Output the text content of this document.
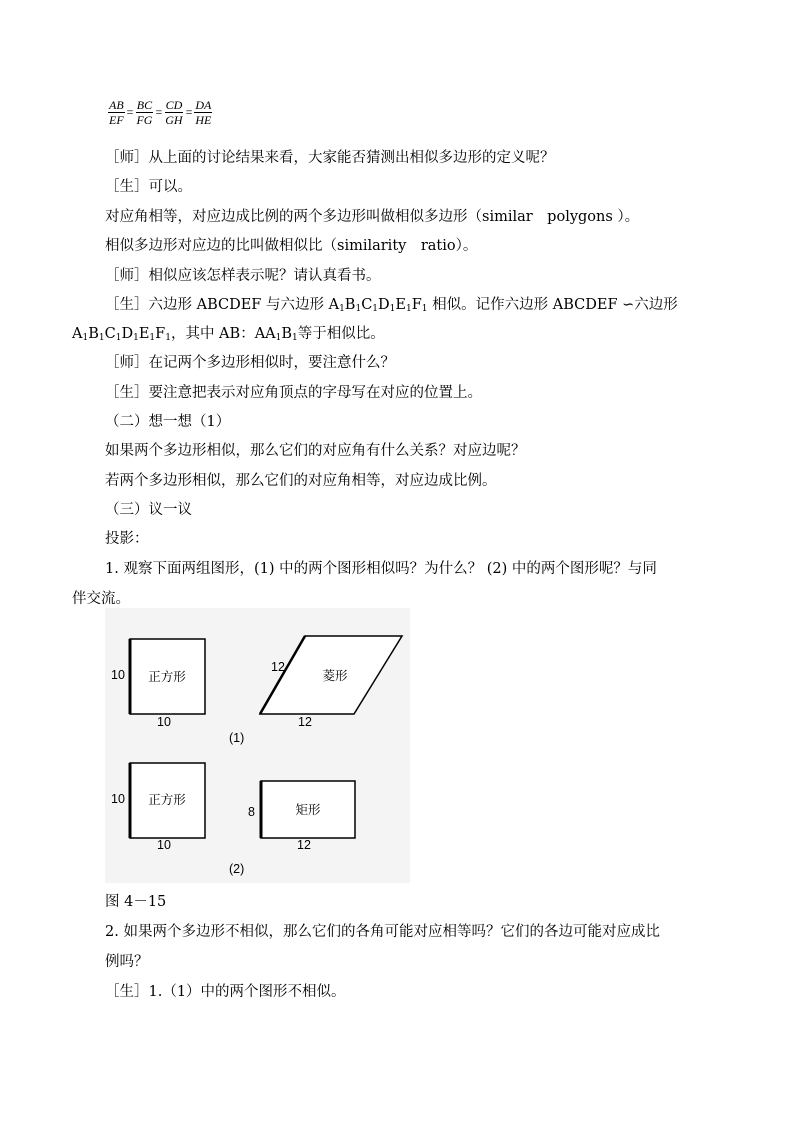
$\frac{AB}{EF} = \frac{BC}{FG} = \frac{CD}{GH} = \frac{DA}{HE}$
［师］从上面的讨论结果来看，大家能否猜测出相似多边形的定义呢？
［生］可以。
对应角相等，对应边成比例的两个多边形叫做相似多边形（similar　polygons ）。
相似多边形对应边的比叫做相似比（similarity　ratio）。
［师］相似应该怎样表示呢？请认真看书。
［生］六边形 ABCDEF 与六边形 $A_1B_1C_1D_1E_1F_1$ 相似。记作六边形 ABCDEF ∽六边形
$A_1B_1C_1D_1E_1F_1$，其中 AB：$AA_1B_1$等于相似比。
［师］在记两个多边形相似时，要注意什么？
［生］要注意把表示对应角顶点的字母写在对应的位置上。
（二）想一想（1）
如果两个多边形相似，那么它们的对应角有什么关系？对应边呢？
若两个多边形相似，那么它们的对应角相等，对应边成比例。
（三）议一议
投影：
1. 观察下面两组图形，(1) 中的两个图形相似吗？为什么？ (2) 中的两个图形呢？与同
伴交流。
正方形
10
10
菱形
12
12
(1)
正方形
10
10
矩形
8
12
(2)
图 4－15
2. 如果两个多边形不相似，那么它们的各角可能对应相等吗？它们的各边可能对应成比
例吗？
［生］1.（1）中的两个图形不相似。
